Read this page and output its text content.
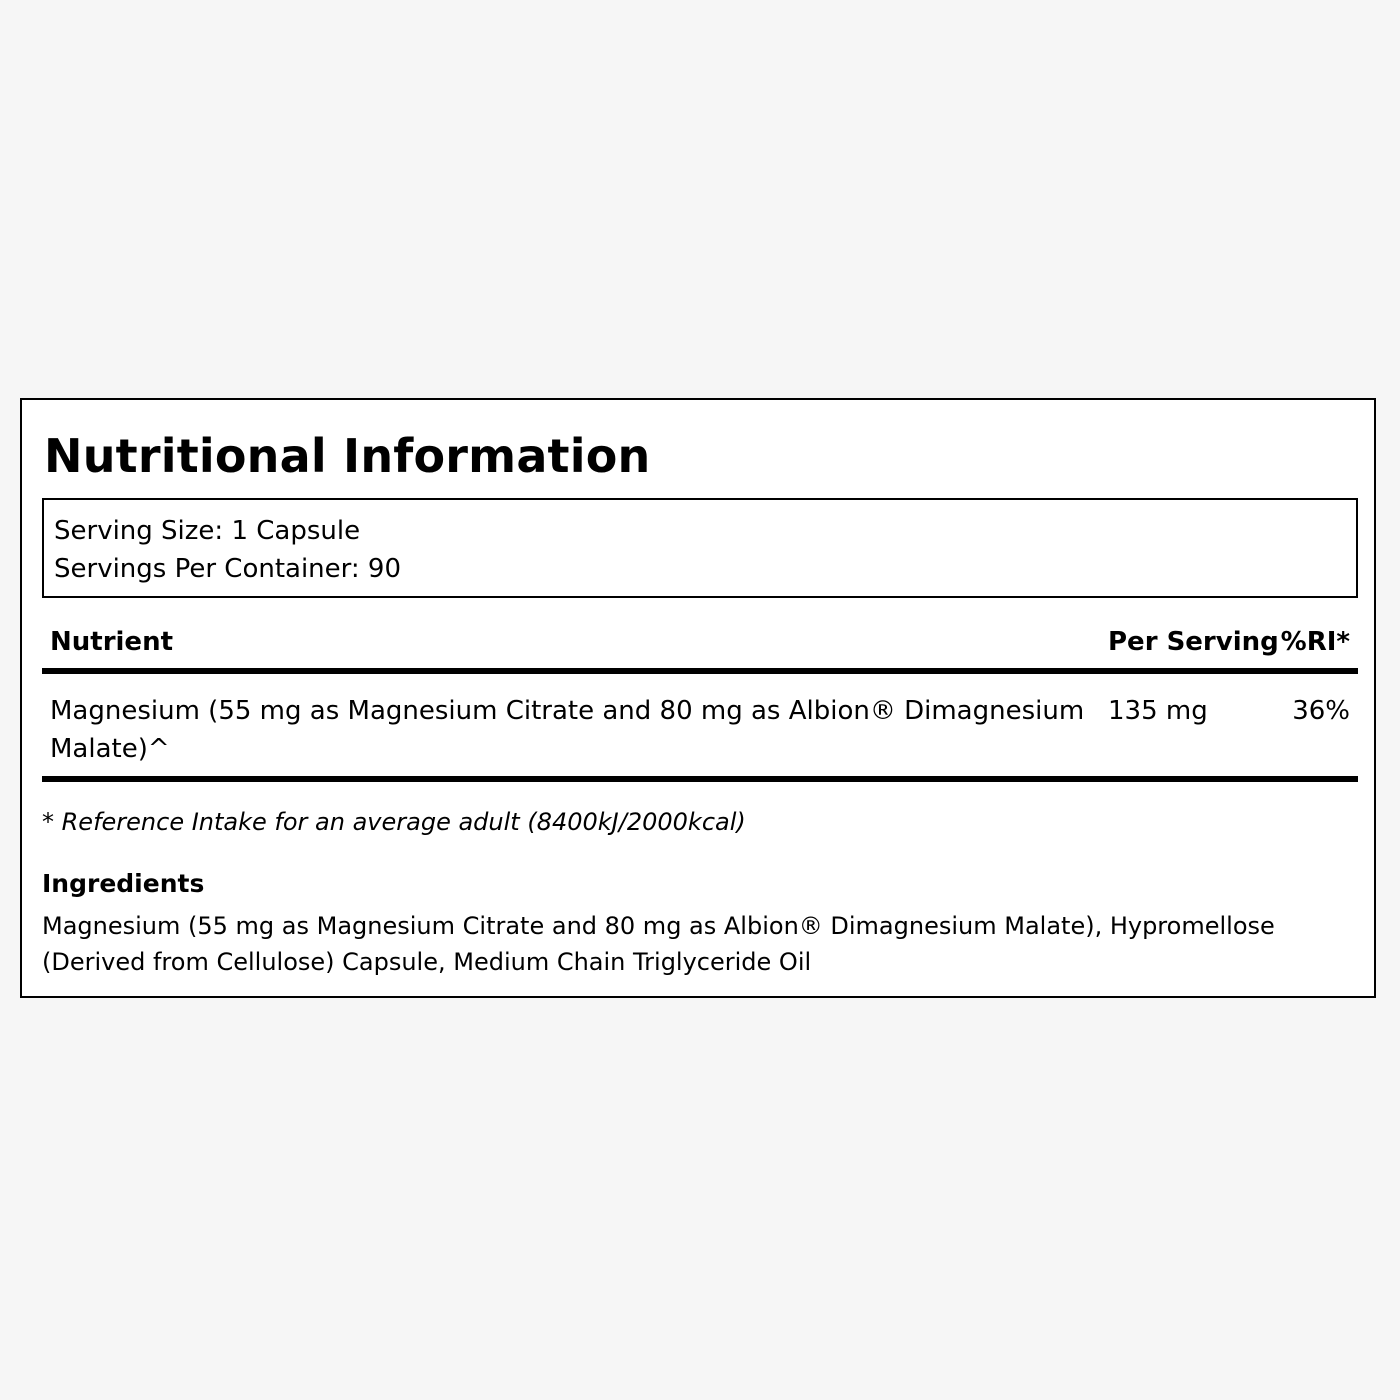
Nutritional Information
Serving Size: 1 Capsule
Servings Per Container: 90
Nutrient	Per Serving %RI*
Magnesium (55 mg as Magnesium Citrate and 80 mg as Albion® Dimagnesium Malate)^
135 mg	36%
* Reference Intake for an average adult (8400kJ/2000kcal)
Ingredients

Magnesium (55 mg as Magnesium Citrate and 80 mg as Albion® Dimagnesium Malate), Hypromellose (Derived from Cellulose) Capsule, Medium Chain Triglyceride Oil
